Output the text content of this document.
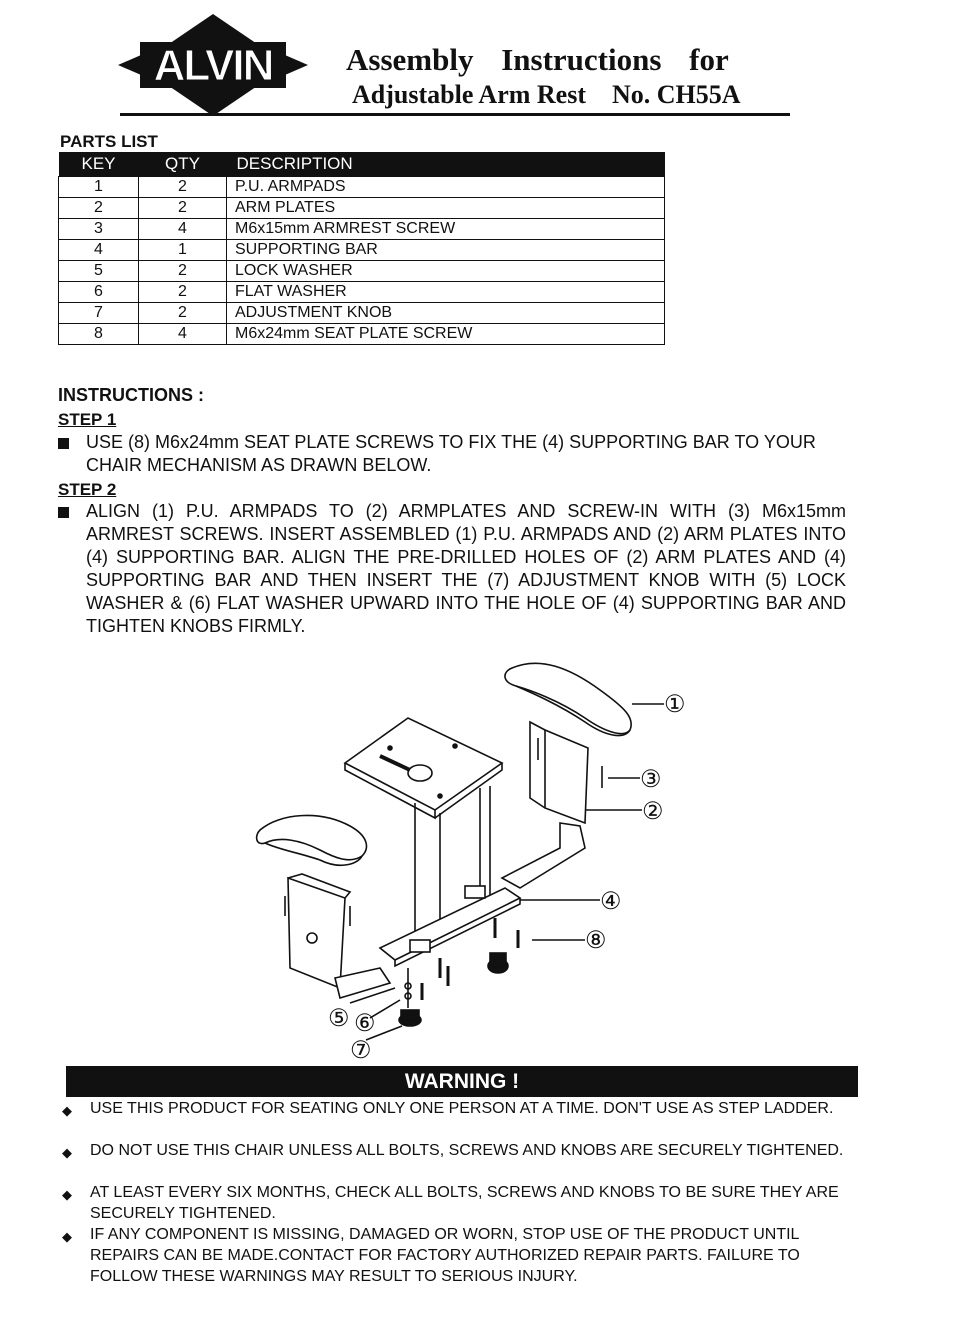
ALVIN Assembly Instructions for
Adjustable Arm Rest No. CH55A
PARTS LIST
KEY	QTY	DESCRIPTION
1	2	P.U. ARMPADS
2	2	ARM PLATES
3	4	M6x15mm ARMREST SCREW
4	1	SUPPORTING BAR
5	2	LOCK WASHER
6	2	FLAT WASHER
7	2	ADJUSTMENT KNOB
8	4	M6x24mm SEAT PLATE SCREW
INSTRUCTIONS :
STEP 1
USE (8) M6x24mm SEAT PLATE SCREWS TO FIX THE (4) SUPPORTING BAR TO YOUR CHAIR MECHANISM AS DRAWN BELOW.
STEP 2
ALIGN (1) P.U. ARMPADS TO (2) ARMPLATES AND SCREW-IN WITH (3) M6x15mm ARMREST SCREWS. INSERT ASSEMBLED (1) P.U. ARMPADS AND (2) ARM PLATES INTO (4) SUPPORTING BAR. ALIGN THE PRE-DRILLED HOLES OF (2) ARM PLATES AND (4) SUPPORTING BAR AND THEN INSERT THE (7) ADJUSTMENT KNOB WITH (5) LOCK WASHER & (6) FLAT WASHER UPWARD INTO THE HOLE OF (4) SUPPORTING BAR AND TIGHTEN KNOBS FIRMLY.
①
③
②
④
⑧
⑤ ⑥
⑦
WARNING !
◆ USE THIS PRODUCT FOR SEATING ONLY ONE PERSON AT A TIME. DON'T USE AS STEP LADDER.
◆ DO NOT USE THIS CHAIR UNLESS ALL BOLTS, SCREWS AND KNOBS ARE SECURELY TIGHTENED.
◆ AT LEAST EVERY SIX MONTHS, CHECK ALL BOLTS, SCREWS AND KNOBS TO BE SURE THEY ARE SECURELY TIGHTENED.
◆ IF ANY COMPONENT IS MISSING, DAMAGED OR WORN, STOP USE OF THE PRODUCT UNTIL REPAIRS CAN BE MADE.CONTACT FOR FACTORY AUTHORIZED REPAIR PARTS. FAILURE TO FOLLOW THESE WARNINGS MAY RESULT TO SERIOUS INJURY.
